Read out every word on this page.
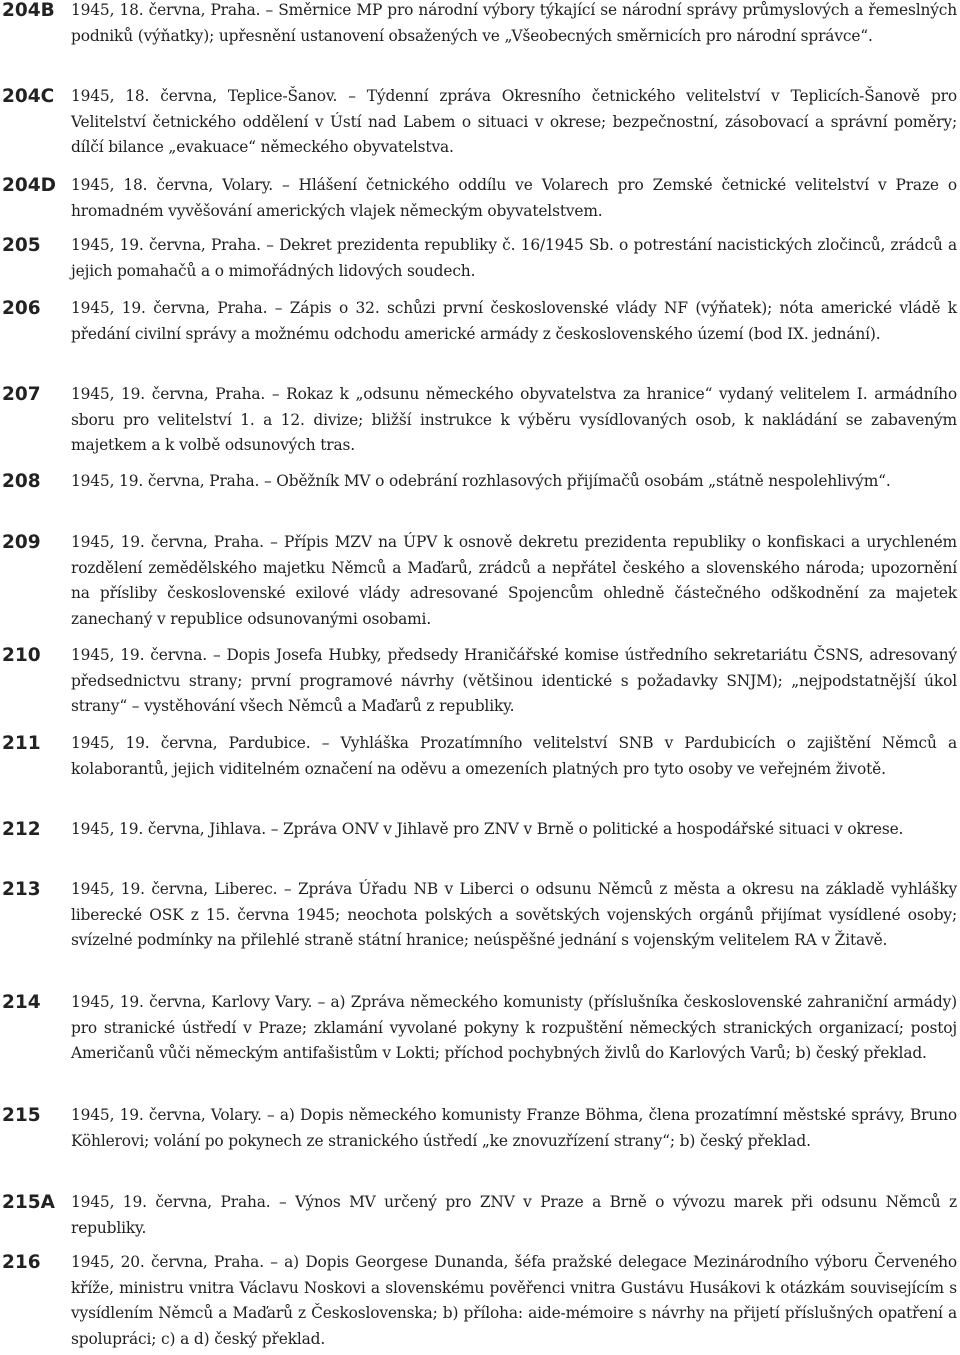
204B	1945, 18. června, Praha. – Směrnice MP pro národní výbory týkající se národní správy průmyslových a řemeslných podniků (výňatky); upřesnění ustanovení obsažených ve „Všeobecných směrnicích pro národní správce“.
204C	1945, 18. června, Teplice-Šanov. – Týdenní zpráva Okresního četnického velitelství v Teplicích-Šanově pro Velitelství četnického oddělení v Ústí nad Labem o situaci v okrese; bezpečnostní, zásobovací a správní poměry; dílčí bilance „evakuace“ německého obyvatelstva.
204D 1945, 18. června, Volary. – Hlášení četnického oddílu ve Volarech pro Zemské četnické velitelství v Praze o hromadném vyvěšování amerických vlajek německým obyvatelstvem.
205	1945, 19. června, Praha. – Dekret prezidenta republiky č. 16/1945 Sb. o potrestání nacistických zločinců, zrádců a jejich pomahačů a o mimořádných lidových soudech.
206	1945, 19. června, Praha. – Zápis o 32. schůzi první československé vlády NF (výňatek); nóta americké vládě k předání civilní správy a možnému odchodu americké armády z československého území (bod IX. jednání).
207	1945, 19. června, Praha. – Rokaz k „odsunu německého obyvatelstva za hranice“ vydaný velitelem I. armádního sboru pro velitelství 1. a 12. divize; bližší instrukce k výběru vysídlovaných osob, k nakládání se zabaveným majetkem a k volbě odsunových tras.
208	1945, 19. června, Praha. – Oběžník MV o odebrání rozhlasových přijímačů osobám „státně nespolehlivým“.
209	1945, 19. června, Praha. – Přípis MZV na ÚPV k osnově dekretu prezidenta republiky o konfiskaci a urychleném rozdělení zemědělského majetku Němců a Maďarů, zrádců a nepřátel českého a slovenského národa; upozornění na přísliby československé exilové vlády adresované Spojencům ohledně částečného odškodnění za majetek zanechaný v republice odsunovanými osobami.
210	1945, 19. června. – Dopis Josefa Hubky, předsedy Hraničářské komise ústředního sekretariátu ČSNS, adresovaný předsednictvu strany; první programové návrhy (většinou identické s požadavky SNJM); „nejpodstatnější úkol strany“ – vystěhování všech Němců a Maďarů z republiky.
211	1945, 19. června, Pardubice. – Vyhláška Prozatímního velitelství SNB v Pardubicích o zajištění Němců a kolaborantů, jejich viditelném označení na oděvu a omezeních platných pro tyto osoby ve veřejném životě.
212	1945, 19. června, Jihlava. – Zpráva ONV v Jihlavě pro ZNV v Brně o politické a hospodářské situaci v okrese.
213	1945, 19. června, Liberec. – Zpráva Úřadu NB v Liberci o odsunu Němců z města a okresu na základě vyhlášky liberecké OSK z 15. června 1945; neochota polských a sovětských vojenských orgánů přijímat vysídlené osoby; svízelné podmínky na přilehlé straně státní hranice; neúspěšné jednání s vojenským velitelem RA v Žitavě.
214	1945, 19. června, Karlovy Vary. – a) Zpráva německého komunisty (příslušníka československé zahraniční armády) pro stranické ústředí v Praze; zklamání vyvolané pokyny k rozpuštění německých stranických organizací; postoj Američanů vůči německým antifašistům v Lokti; příchod pochybných živlů do Karlových Varů; b) český překlad.
215	1945, 19. června, Volary. – a) Dopis německého komunisty Franze Böhma, člena prozatímní městské správy, Bruno Köhlerovi; volání po pokynech ze stranického ústředí „ke znovuzřízení strany“; b) český překlad.
215A	1945, 19. června, Praha. – Výnos MV určený pro ZNV v Praze a Brně o vývozu marek při odsunu Němců z republiky.
216	1945, 20. června, Praha. – a) Dopis Georgese Dunanda, šéfa pražské delegace Mezinárodního výboru Červeného kříže, ministru vnitra Václavu Noskovi a slovenskému pověřenci vnitra Gustávu Husákovi k otázkám souvisejícím s vysídlením Němců a Maďarů z Československa; b) příloha: aide-mémoire s návrhy na přijetí příslušných opatření a spolupráci; c) a d) český překlad.
